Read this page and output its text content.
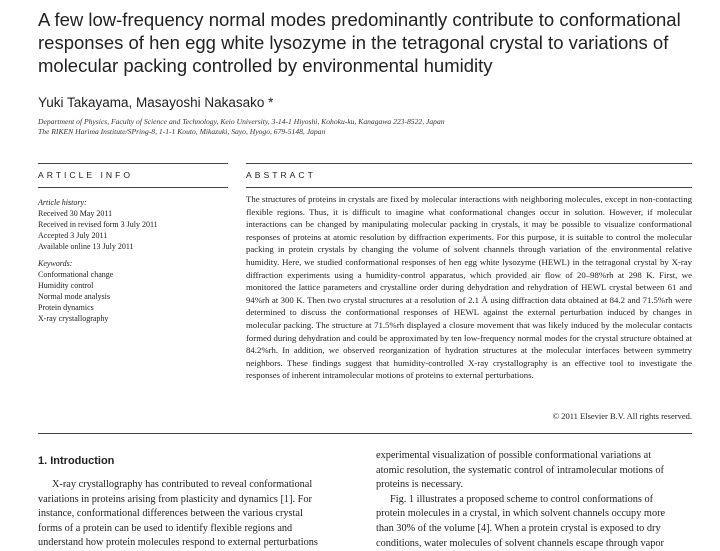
A few low-frequency normal modes predominantly contribute to conformational responses of hen egg white lysozyme in the tetragonal crystal to variations of molecular packing controlled by environmental humidity
Yuki Takayama, Masayoshi Nakasako *
Department of Physics, Faculty of Science and Technology, Keio University, 3-14-1 Hiyoshi, Kohoku-ku, Kanagawa 223-8522, Japan
The RIKEN Harima Institute/SPring-8, 1-1-1 Kouto, Mikazuki, Sayo, Hyogo, 679-5148, Japan
ARTICLE INFO	ABSTRACT
Article history:
Received 30 May 2011
Received in revised form 3 July 2011
Accepted 3 July 2011
Available online 13 July 2011
Keywords:
Conformational change
Humidity control
Normal mode analysis
Protein dynamics
X-ray crystallography
The structures of proteins in crystals are fixed by molecular interactions with neighboring molecules, except in non-contacting flexible regions. Thus, it is difficult to imagine what conformational changes occur in solution. However, if molecular interactions can be changed by manipulating molecular packing in crystals, it may be possible to visualize conformational responses of proteins at atomic resolution by diffraction experiments. For this purpose, it is suitable to control the molecular packing in protein crystals by changing the volume of solvent channels through variation of the environmental relative humidity. Here, we studied conformational responses of hen egg white lysozyme (HEWL) in the tetragonal crystal by X-ray diffraction experiments using a humidity-control apparatus, which provided air flow of 20–98%rh at 298 K. First, we monitored the lattice parameters and crystalline order during dehydration and rehydration of HEWL crystal between 61 and 94%rh at 300 K. Then two crystal structures at a resolution of 2.1 Å using diffraction data obtained at 84.2 and 71.5%rh were determined to discuss the conformational responses of HEWL against the external perturbation induced by changes in molecular packing. The structure at 71.5%rh displayed a closure movement that was likely induced by the molecular contacts formed during dehydration and could be approximated by ten low-frequency normal modes for the crystal structure obtained at 84.2%rh. In addition, we observed reorganization of hydration structures at the molecular interfaces between symmetry neighbors. These findings suggest that humidity-controlled X-ray crystallography is an effective tool to investigate the responses of inherent intramolecular motions of proteins to external perturbations.
© 2011 Elsevier B.V. All rights reserved.
1. Introduction
X-ray crystallography has contributed to reveal conformational
variations in proteins arising from plasticity and dynamics [1]. For
instance, conformational differences between the various crystal
forms of a protein can be used to identify flexible regions and
understand how protein molecules respond to external perturbations
experimental visualization of possible conformational variations at
atomic resolution, the systematic control of intramolecular motions of
proteins is necessary.
Fig. 1 illustrates a proposed scheme to control conformations of
protein molecules in a crystal, in which solvent channels occupy more
than 30% of the volume [4]. When a protein crystal is exposed to dry
conditions, water molecules of solvent channels escape through vapor
